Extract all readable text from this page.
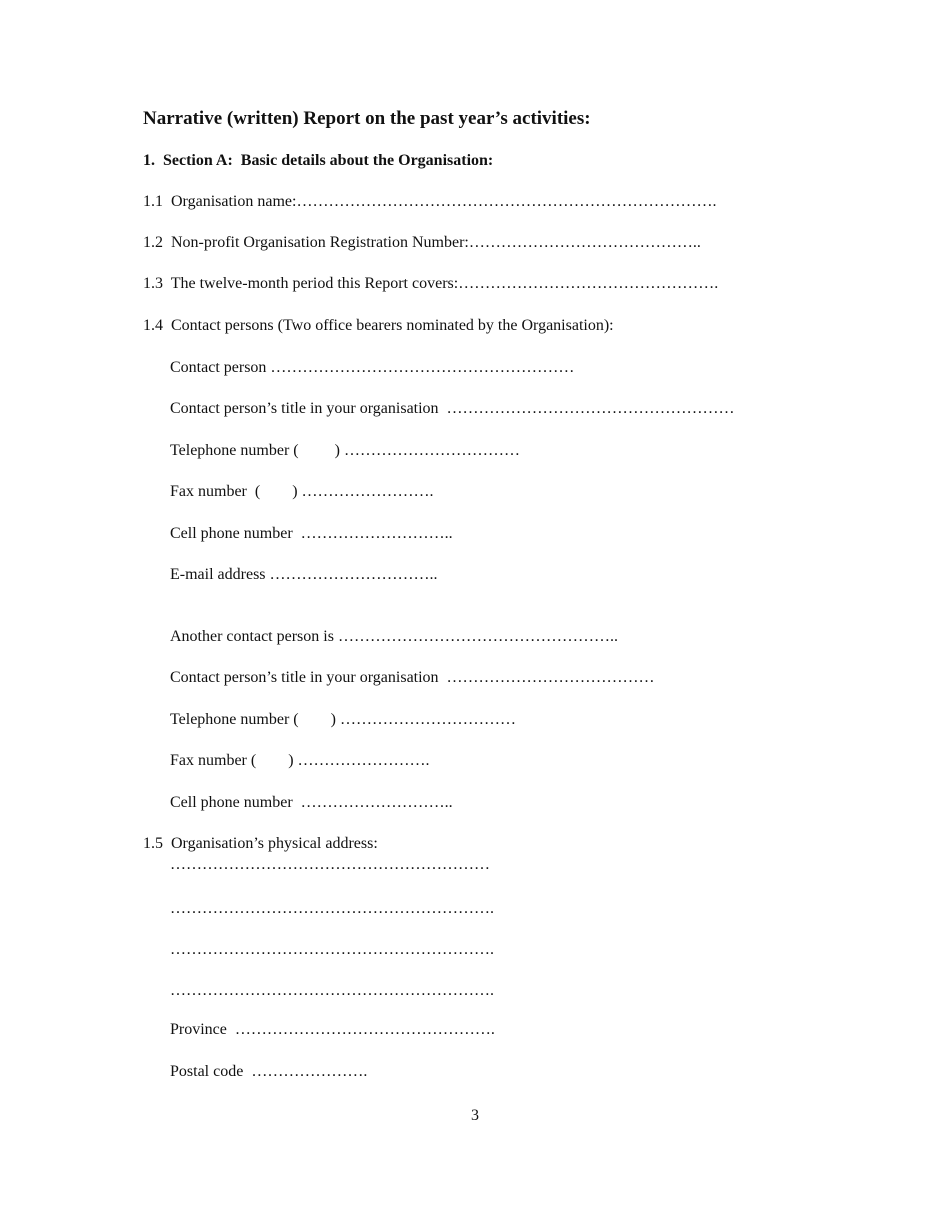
Narrative (written) Report on the past year’s activities:
1.  Section A:  Basic details about the Organisation:
1.1  Organisation name:…………………………………………………………………….
1.2  Non-profit Organisation Registration Number:……………………………………..
1.3  The twelve-month period this Report covers:………………………………………….
1.4  Contact persons (Two office bearers nominated by the Organisation):
Contact person …………………………………………………
Contact person’s title in your organisation  ………………………………………………
Telephone number (         ) ……………………………
Fax number  (        ) …………………….
Cell phone number  ………………………..
E-mail address …………………………..
Another contact person is ……………………………………………..
Contact person’s title in your organisation  …………………………………
Telephone number (        ) ……………………………
Fax number (        ) …………………….
Cell phone number  ………………………..
1.5  Organisation’s physical address:
……………………………………………………
…………………………………………………….
…………………………………………………….
…………………………………………………….
Province  ………………………………………….
Postal code  ………………….
3
